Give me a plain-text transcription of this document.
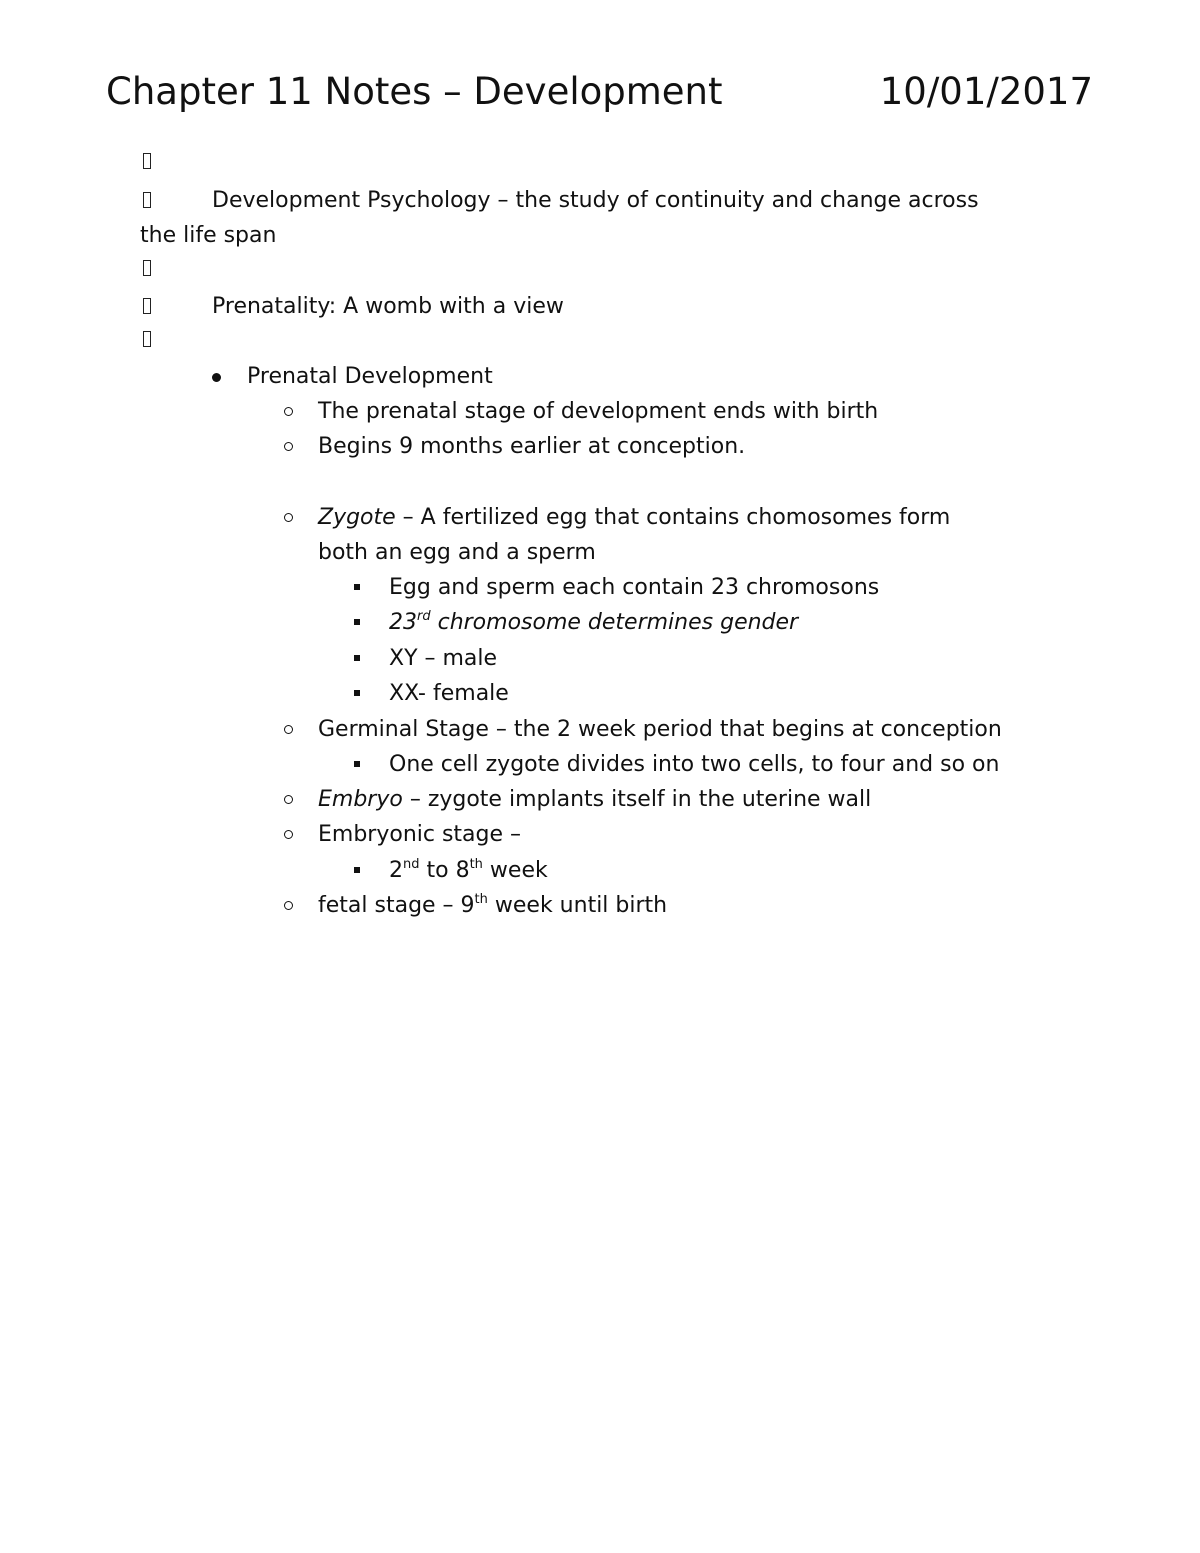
Chapter 11 Notes – Development	10/01/2017
Development Psychology – the study of continuity and change across
the life span
Prenatality: A womb with a view
Prenatal Development
The prenatal stage of development ends with birth
Begins 9 months earlier at conception.
Zygote – A fertilized egg that contains chomosomes form
both an egg and a sperm
Egg and sperm each contain 23 chromosons
23rd chromosome determines gender
XY – male
XX- female
Germinal Stage – the 2 week period that begins at conception
One cell zygote divides into two cells, to four and so on
Embryo – zygote implants itself in the uterine wall
Embryonic stage –
2nd to 8th week
fetal stage – 9th week until birth
